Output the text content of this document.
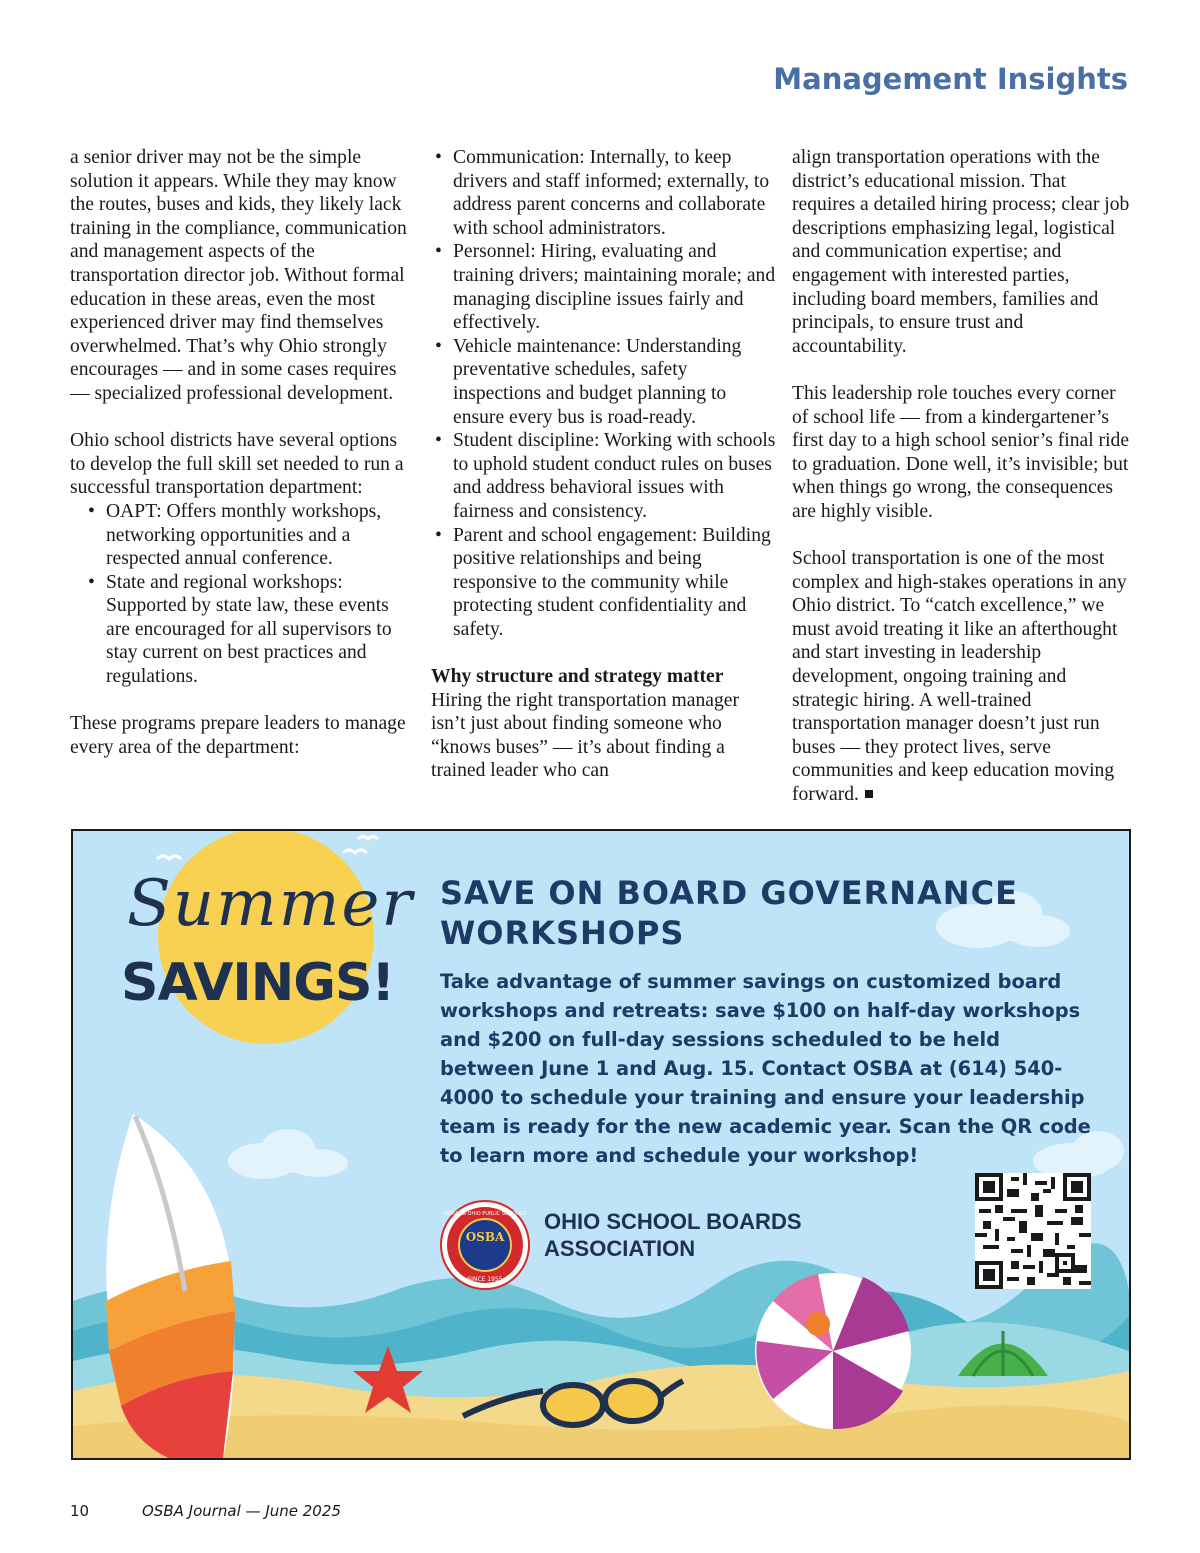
Management Insights

a senior driver may not be the simple solution it appears. While they may know the routes, buses and kids, they likely lack training in the compliance, communication and management aspects of the transportation director job. Without formal education in these areas, even the most experienced driver may find themselves overwhelmed. That’s why Ohio strongly encourages — and in some cases requires — specialized professional development.

Ohio school districts have several options to develop the full skill set needed to run a successful transportation department:

• OAPT: Offers monthly workshops, networking opportunities and a respected annual conference.
• State and regional workshops: Supported by state law, these events are encouraged for all supervisors to stay current on best practices and regulations.

These programs prepare leaders to manage every area of the department:

• Communication: Internally, to keep drivers and staff informed; externally, to address parent concerns and collaborate with school administrators.
• Personnel: Hiring, evaluating and training drivers; maintaining morale; and managing discipline issues fairly and effectively.
• Vehicle maintenance: Understanding preventative schedules, safety inspections and budget planning to ensure every bus is road-ready.
• Student discipline: Working with schools to uphold student conduct rules on buses and address behavioral issues with fairness and consistency.
• Parent and school engagement: Building positive relationships and being responsive to the community while protecting student confidentiality and safety.

Why structure and strategy matter
Hiring the right transportation manager isn’t just about finding someone who “knows buses” — it’s about finding a trained leader who can

align transportation operations with the district’s educational mission. That requires a detailed hiring process; clear job descriptions emphasizing legal, logistical and communication expertise; and engagement with interested parties, including board members, families and principals, to ensure trust and accountability.

This leadership role touches every corner of school life — from a kindergartener’s first day to a high school senior’s final ride to graduation. Done well, it’s invisible; but when things go wrong, the consequences are highly visible.

School transportation is one of the most complex and high-stakes operations in any Ohio district. To “catch excellence,” we must avoid treating it like an afterthought and start investing in leadership development, ongoing training and strategic hiring. A well-trained transportation manager doesn’t just run buses — they protect lives, serve communities and keep education moving forward.

Summer
SAVINGS!
SAVE ON BOARD GOVERNANCE WORKSHOPS
Take advantage of summer savings on customized board workshops and retreats: save $100 on half-day workshops and $200 on full-day sessions scheduled to be held between June 1 and Aug. 15. Contact OSBA at (614) 540-4000 to schedule your training and ensure your leadership team is ready for the new academic year. Scan the QR code to learn more and schedule your workshop!
OSBA
SERVING OHIO PUBLIC SCHOOLS
SINCE 1955
OHIO SCHOOL BOARDS
ASSOCIATION
10	OSBA Journal — June 2025
